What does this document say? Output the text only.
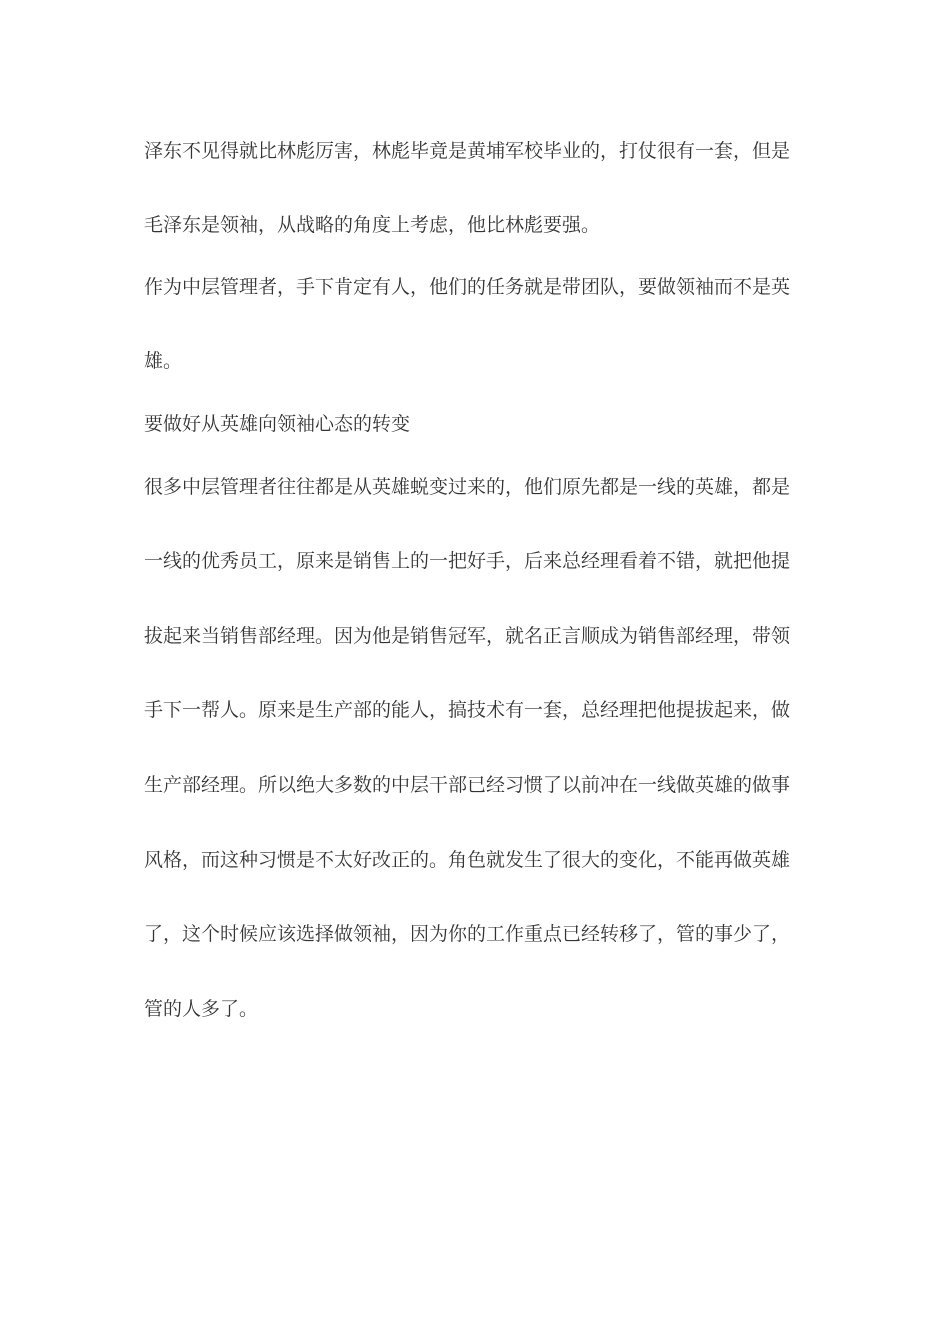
泽东不见得就比林彪厉害，林彪毕竟是黄埔军校毕业的，打仗很有一套，但是
毛泽东是领袖，从战略的角度上考虑，他比林彪要强。
作为中层管理者，手下肯定有人，他们的任务就是带团队，要做领袖而不是英
雄。
要做好从英雄向领袖心态的转变
很多中层管理者往往都是从英雄蜕变过来的，他们原先都是一线的英雄，都是
一线的优秀员工，原来是销售上的一把好手，后来总经理看着不错，就把他提
拔起来当销售部经理。因为他是销售冠军，就名正言顺成为销售部经理，带领
手下一帮人。原来是生产部的能人，搞技术有一套，总经理把他提拔起来，做
生产部经理。所以绝大多数的中层干部已经习惯了以前冲在一线做英雄的做事
风格，而这种习惯是不太好改正的。角色就发生了很大的变化，不能再做英雄
了，这个时候应该选择做领袖，因为你的工作重点已经转移了，管的事少了，
管的人多了。
